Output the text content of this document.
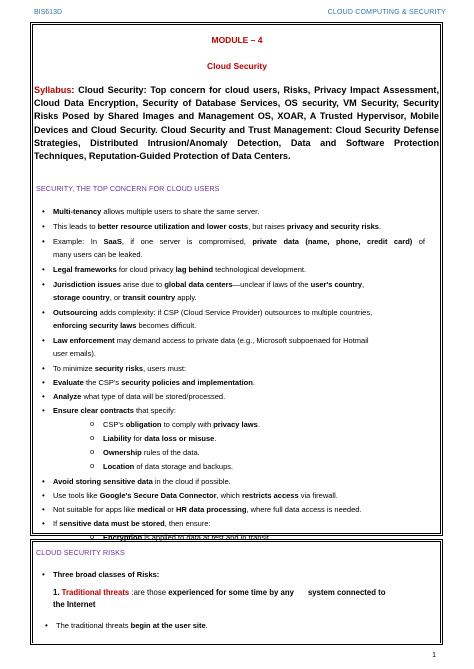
BIS613D	CLOUD COMPUTING & SECURITY
MODULE – 4
Cloud Security
Syllabus: Cloud Security: Top concern for cloud users, Risks, Privacy Impact Assessment, Cloud Data Encryption, Security of Database Services, OS security, VM Security, Security Risks Posed by Shared Images and Management OS, XOAR, A Trusted Hypervisor, Mobile Devices and Cloud Security. Cloud Security and Trust Management: Cloud Security Defense Strategies, Distributed Intrusion/Anomaly Detection, Data and Software Protection Techniques, Reputation-Guided Protection of Data Centers.
SECURITY, THE TOP CONCERN FOR CLOUD USERS
• Multi-tenancy allows multiple users to share the same server.
• This leads to better resource utilization and lower costs, but raises privacy and security risks.
• Example: In SaaS, if one server is compromised, private data (name, phone, credit card) of
many users can be leaked.
• Legal frameworks for cloud privacy lag behind technological development.
• Jurisdiction issues arise due to global data centers—unclear if laws of the user's country,
storage country, or transit country apply.
• Outsourcing adds complexity: if CSP (Cloud Service Provider) outsources to multiple countries,
enforcing security laws becomes difficult.
• Law enforcement may demand access to private data (e.g., Microsoft subpoenaed for Hotmail
user emails).
• To minimize security risks, users must:
• Evaluate the CSP's security policies and implementation.
• Analyze what type of data will be stored/processed.
• Ensure clear contracts that specify:
o CSP's obligation to comply with privacy laws.
o Liability for data loss or misuse.
o Ownership rules of the data.
o Location of data storage and backups.
• Avoid storing sensitive data in the cloud if possible.
• Use tools like Google's Secure Data Connector, which restricts access via firewall.
• Not suitable for apps like medical or HR data processing, where full data access is needed.
• If sensitive data must be stored, then ensure:
o Encryption is applied to data at rest and in transit.
CLOUD SECURITY RISKS
• Three broad classes of Risks:
1. Traditional threats :are those experienced for some time by any system connected to
the Internet
• The traditional threats begin at the user site.
1
